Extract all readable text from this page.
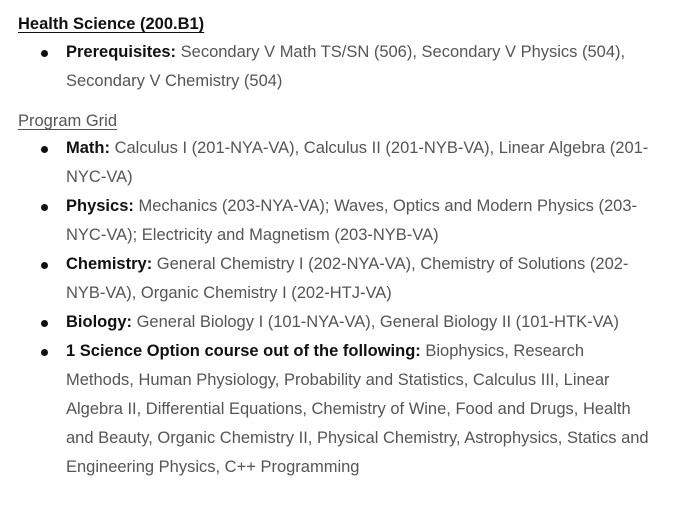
Health Science (200.B1)

Prerequisites: Secondary V Math TS/SN (506), Secondary V Physics (504), Secondary V Chemistry (504)

Program Grid

Math: Calculus I (201-NYA-VA), Calculus II (201-NYB-VA), Linear Algebra (201-NYC-VA)
Physics: Mechanics (203-NYA-VA); Waves, Optics and Modern Physics (203-NYC-VA); Electricity and Magnetism (203-NYB-VA)
Chemistry: General Chemistry I (202-NYA-VA), Chemistry of Solutions (202-NYB-VA), Organic Chemistry I (202-HTJ-VA)
Biology: General Biology I (101-NYA-VA), General Biology II (101-HTK-VA)
1 Science Option course out of the following: Biophysics, Research Methods, Human Physiology, Probability and Statistics, Calculus III, Linear Algebra II, Differential Equations, Chemistry of Wine, Food and Drugs, Health and Beauty, Organic Chemistry II, Physical Chemistry, Astrophysics, Statics and Engineering Physics, C++ Programming
